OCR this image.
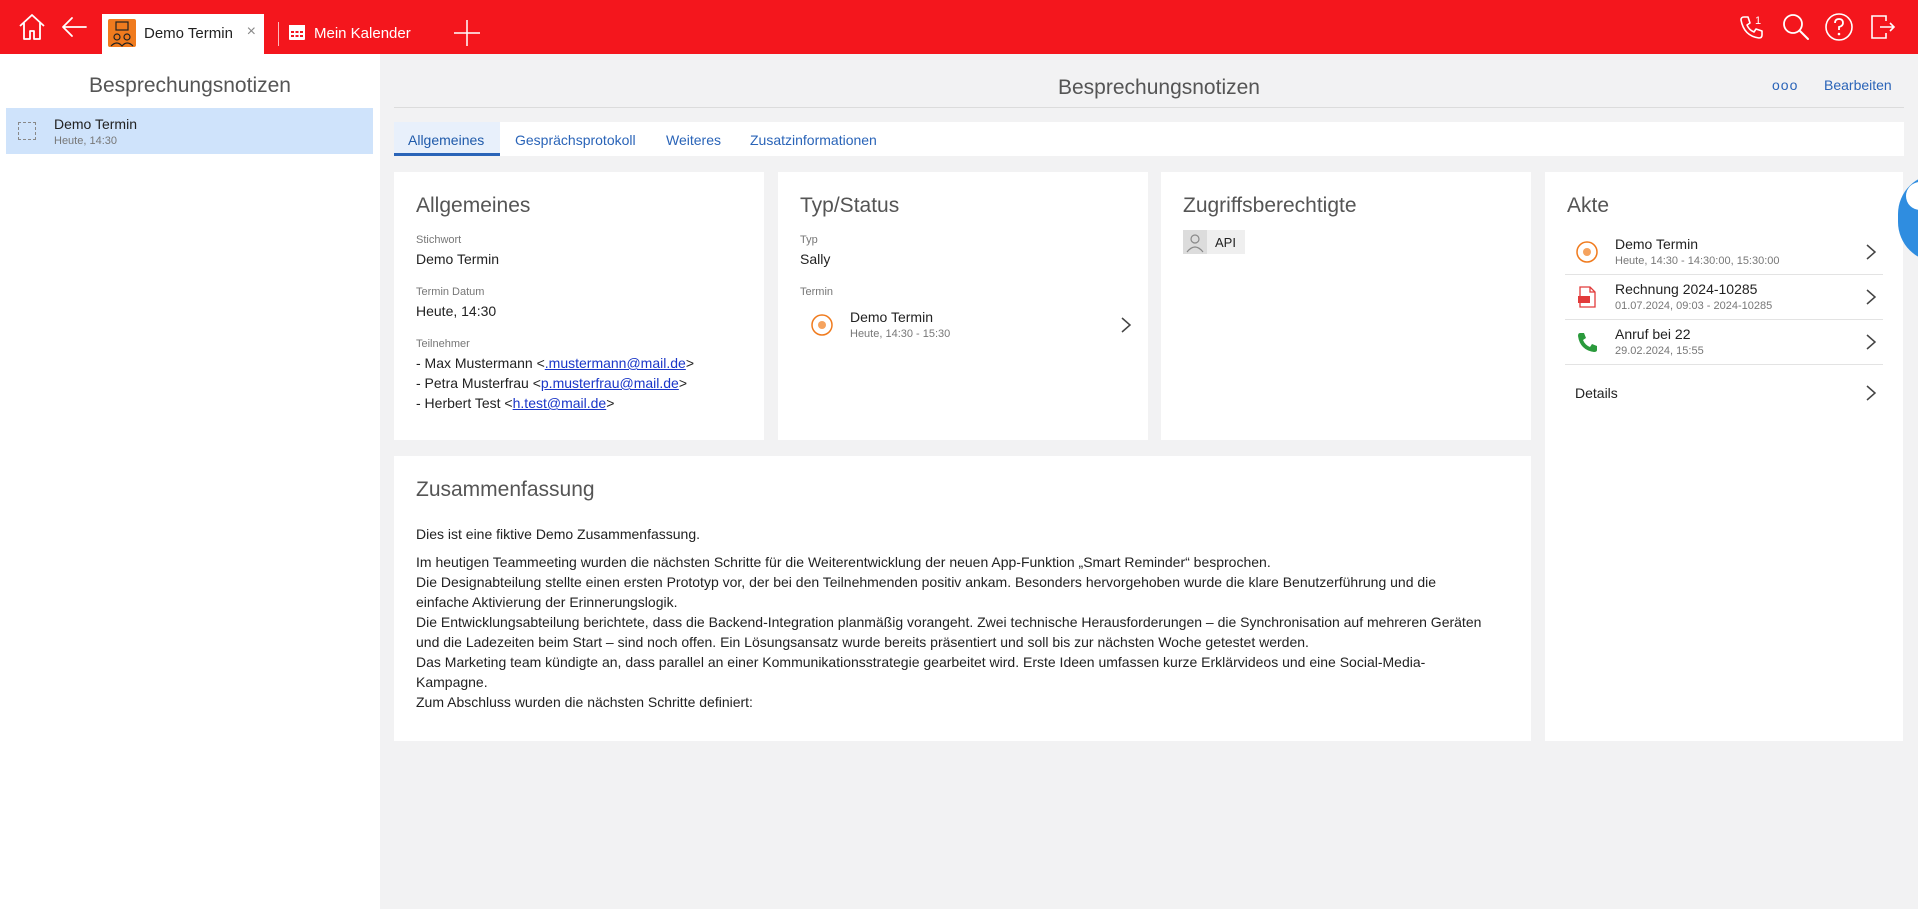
Demo Termin ×	Mein Kalender
1
Besprechungsnotizen
Demo Termin
Heute, 14:30
Besprechungsnotizen	ooo Bearbeiten
Allgemeines Gesprächsprotokoll Weiteres Zusatzinformationen
Allgemeines
Stichwort
Demo Termin
Termin Datum
Heute, 14:30
Teilnehmer
- Max Mustermann <.mustermann@mail.de>
- Petra Musterfrau <p.musterfrau@mail.de>
- Herbert Test <h.test@mail.de>
Typ/Status
Typ
Sally
Termin
Demo Termin
Heute, 14:30 - 15:30
Zugriffsberechtigte
API
Akte
Demo Termin
Heute, 14:30 - 14:30:00, 15:30:00
Rechnung 2024-10285
01.07.2024, 09:03 - 2024-10285
Anruf bei 22
29.02.2024, 15:55
Details
Zusammenfassung

Dies ist eine fiktive Demo Zusammenfassung.

Im heutigen Teammeeting wurden die nächsten Schritte für die Weiterentwicklung der neuen App-Funktion „Smart Reminder“ besprochen.

Die Designabteilung stellte einen ersten Prototyp vor, der bei den Teilnehmenden positiv ankam. Besonders hervorgehoben wurde die klare Benutzerführung und die

einfache Aktivierung der Erinnerungslogik.

Die Entwicklungsabteilung berichtete, dass die Backend-Integration planmäßig vorangeht. Zwei technische Herausforderungen – die Synchronisation auf mehreren Geräten

und die Ladezeiten beim Start – sind noch offen. Ein Lösungsansatz wurde bereits präsentiert und soll bis zur nächsten Woche getestet werden.

Das Marketing team kündigte an, dass parallel an einer Kommunikationsstrategie gearbeitet wird. Erste Ideen umfassen kurze Erklärvideos und eine Social-Media-

Kampagne.

Zum Abschluss wurden die nächsten Schritte definiert:
